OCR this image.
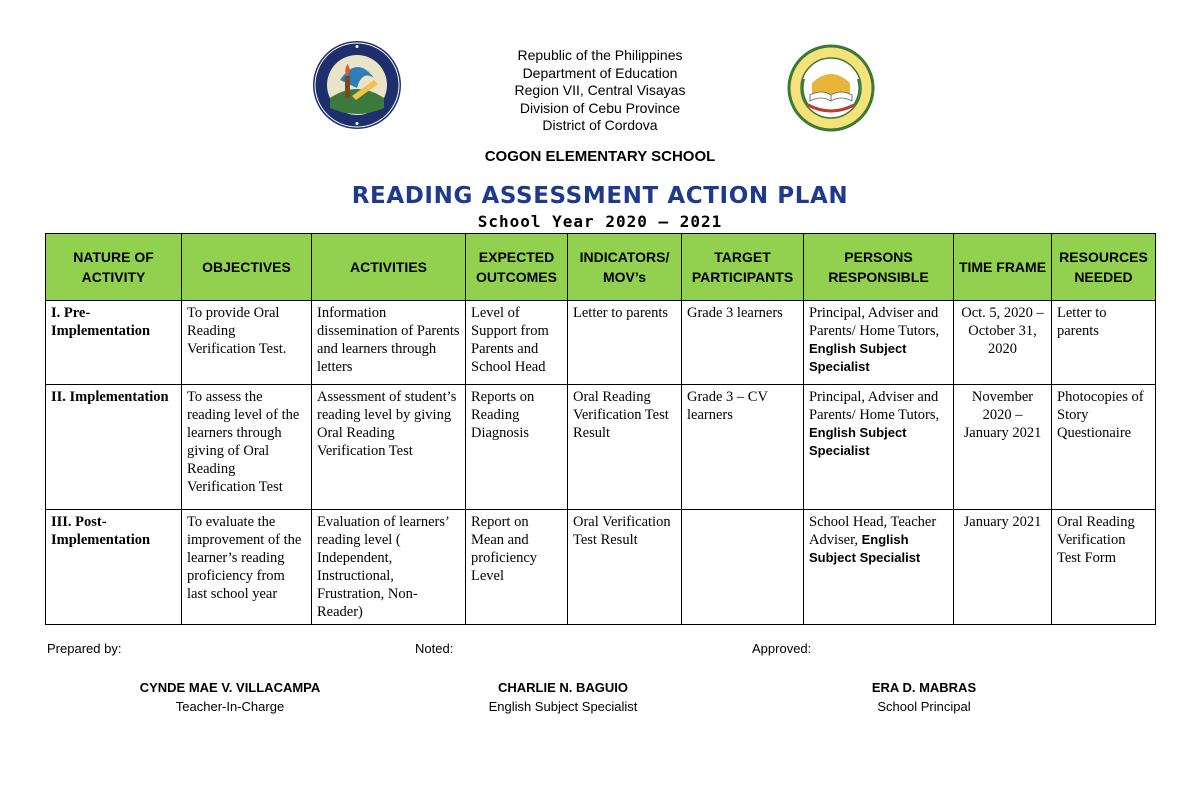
Republic of the Philippines
Department of Education
Region VII, Central Visayas
Division of Cebu Province
District of Cordova
COGON ELEMENTARY SCHOOL
READING ASSESSMENT ACTION PLAN
School Year 2020 – 2021
NATURE OF ACTIVITY	OBJECTIVES	ACTIVITIES	EXPECTED OUTCOMES	INDICATORS/ MOV’s	TARGET PARTICIPANTS	PERSONS RESPONSIBLE	TIME FRAME	RESOURCES NEEDED
I. Pre-Implementation	To provide Oral Reading Verification Test.	Information dissemination of Parents and learners through letters	Level of Support from Parents and School Head	Letter to parents	Grade 3 learners	Principal, Adviser and Parents/ Home Tutors, English Subject Specialist	Oct. 5, 2020 – October 31, 2020	Letter to parents
II. Implementation	To assess the reading level of the learners through giving of Oral Reading Verification Test	Assessment of student’s reading level by giving Oral Reading Verification Test	Reports on Reading Diagnosis	Oral Reading Verification Test Result	Grade 3 – CV learners	Principal, Adviser and Parents/ Home Tutors, English Subject Specialist	November 2020 – January 2021	Photocopies of Story Questionaire
III. Post-Implementation	To evaluate the improvement of the learner’s reading proficiency from last school year	Evaluation of learners’ reading level ( Independent, Instructional, Frustration, Non-Reader)	Report on Mean and proficiency Level	Oral Verification Test Result		School Head, Teacher Adviser, English Subject Specialist	January 2021	Oral Reading Verification Test Form
Prepared by:	Noted:	Approved:
CYNDE MAE V. VILLACAMPA
Teacher-In-Charge
CHARLIE N. BAGUIO
English Subject Specialist
ERA D. MABRAS
School Principal
